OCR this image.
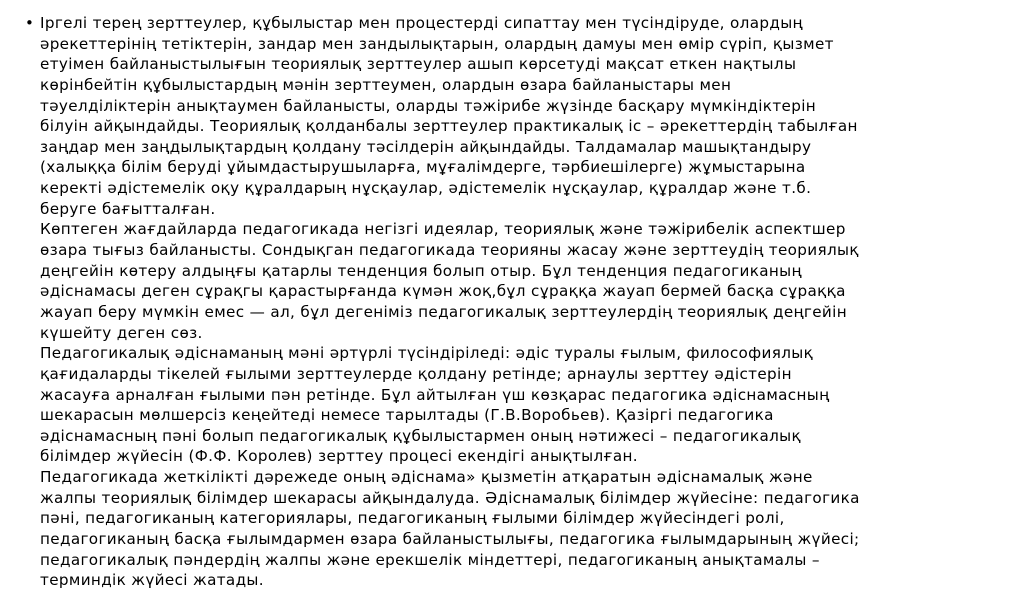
• Іргелі терең зерттеулер, құбылыстар мен процестерді сипаттау мен түсіндіруде, олардың
әрекеттерінің тетіктерін, зандар мен зандылықтарын, олардың дамуы мен өмір сүріп, қызмет
етуімен байланыстылығын теориялық зерттеулер ашып көрсетуді мақсат еткен нақтылы
көрінбейтін құбылыстардың мәнін зерттеумен, олардын өзара байланыстары мен
тәуелділіктерін анықтаумен байланысты, оларды тәжірибе жүзінде басқару мүмкіндіктерін
білуін айқындайды. Теориялық қолданбалы зерттеулер практикалық іс – әрекеттердің табылған
заңдар мен заңдылықтардың қолдану тәсілдерін айқындайды. Талдамалар машықтандыру
(халыққа білім беруді ұйымдастырушыларға, мұғалімдерге, тәрбиешілерге) жұмыстарына
керекті әдістемелік оқу құралдарың нұсқаулар, әдістемелік нұсқаулар, құралдар және т.б.
беруге бағытталған.
Көптеген жағдайларда педагогикада негізгі идеялар, теориялық және тәжірибелік аспектшер
өзара тығыз байланысты. Сондықган педагогикада теорияны жасау және зерттеудің теориялық
деңгейін көтеру алдыңғы қатарлы тенденция болып отыр. Бұл тенденция педагогиканың
әдіснамасы деген сұрақгы қарастырғанда күмән жоқ,бұл сұраққа жауап бермей басқа сұраққа
жауап беру мүмкін емес — ал, бұл дегеніміз педагогикалық зерттеулердің теориялық деңгейін
күшейту деген сөз.
Педагогикалық әдіснаманың мәні әртүрлі түсіндіріледі: әдіс туралы ғылым, философиялық
қағидаларды тікелей ғылыми зерттеулерде қолдану ретінде; арнаулы зерттеу әдістерін
жасауға арналған ғылыми пән ретінде. Бұл айтылған үш көзқарас педагогика әдіснамасның
шекарасын мөлшерсіз кеңейтеді немесе тарылтады (Г.В.Воробьев). Қазіргі педагогика
әдіснамасның пәні болып педагогикалық құбылыстармен оның нәтижесі – педагогикалық
білімдер жүйесін (Ф.Ф. Королев) зерттеу процесі екендігі анықтылған.
Педагогикада жеткілікті дәрежеде оның әдіснама» қызметін атқаратын әдіснамалық және
жалпы теориялық білімдер шекарасы айқындалуда. Әдіснамалық білімдер жүйесіне: педагогика
пәні, педагогиканың категориялары, педагогиканың ғылыми білімдер жүйесіндегі ролі,
педагогиканың басқа ғылымдармен өзара байланыстылығы, педагогика ғылымдарының жүйесі;
педагогикалық пәндердің жалпы және ерекшелік міндеттері, педагогиканың анықтамалы –
терминдік жүйесі жатады.
